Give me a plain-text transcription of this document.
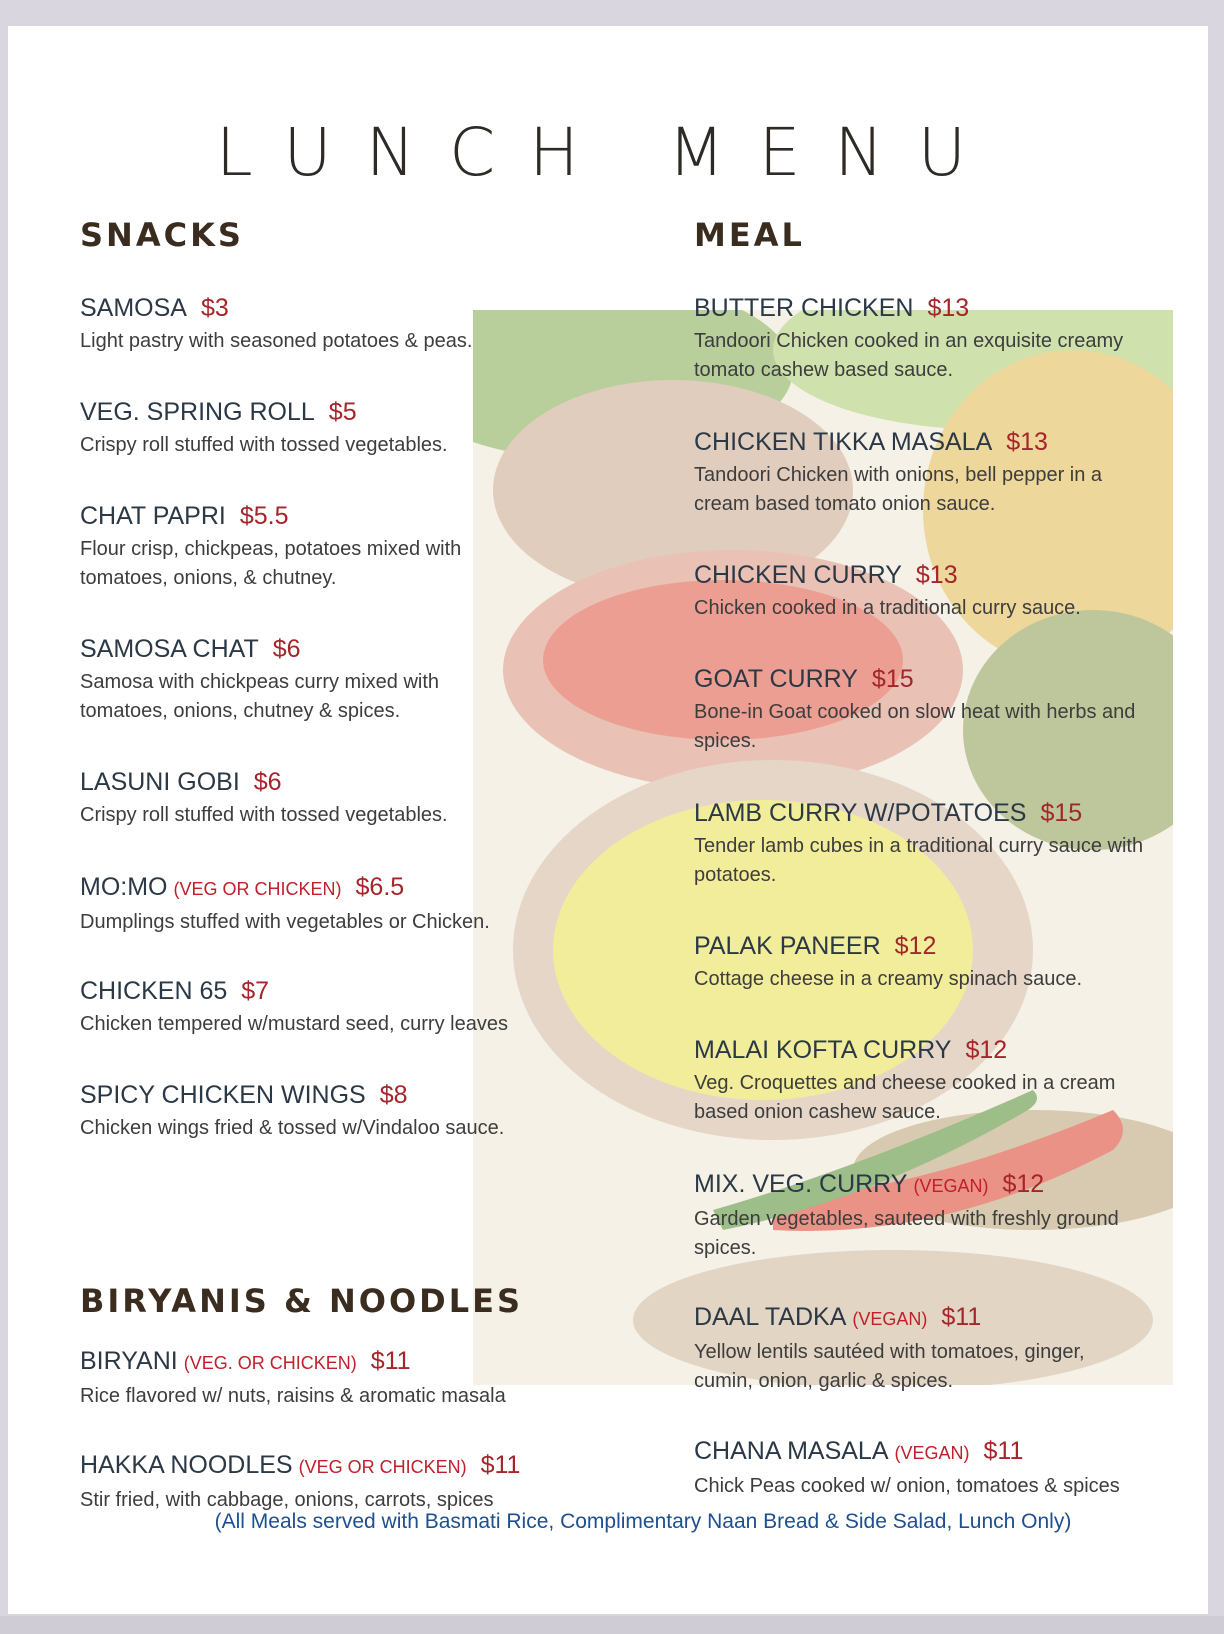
LUNCH MENU
SNACKS	MEAL
SAMOSA $3
Light pastry with seasoned potatoes & peas.
VEG. SPRING ROLL $5
Crispy roll stuffed with tossed vegetables.
CHAT PAPRI $5.5
Flour crisp, chickpeas, potatoes mixed with tomatoes, onions, & chutney.
SAMOSA CHAT $6
Samosa with chickpeas curry mixed with tomatoes, onions, chutney & spices.
LASUNI GOBI $6
Crispy roll stuffed with tossed vegetables.
MO:MO (VEG OR CHICKEN) $6.5
Dumplings stuffed with vegetables or Chicken.
CHICKEN 65 $7
Chicken tempered w/mustard seed, curry leaves
SPICY CHICKEN WINGS $8
Chicken wings fried & tossed w/Vindaloo sauce.
BIRYANIS & NOODLES
BIRYANI (VEG. OR CHICKEN) $11
Rice flavored w/ nuts, raisins & aromatic masala
HAKKA NOODLES (VEG OR CHICKEN) $11
Stir fried, with cabbage, onions, carrots, spices
BUTTER CHICKEN $13
Tandoori Chicken cooked in an exquisite creamy tomato cashew based sauce.
CHICKEN TIKKA MASALA $13
Tandoori Chicken with onions, bell pepper in a cream based tomato onion sauce.
CHICKEN CURRY $13
Chicken cooked in a traditional curry sauce.
GOAT CURRY $15
Bone-in Goat cooked on slow heat with herbs and spices.
LAMB CURRY W/POTATOES $15
Tender lamb cubes in a traditional curry sauce with potatoes.
PALAK PANEER $12
Cottage cheese in a creamy spinach sauce.
MALAI KOFTA CURRY $12
Veg. Croquettes and cheese cooked in a cream based onion cashew sauce.
MIX. VEG. CURRY (VEGAN) $12
Garden vegetables, sauteed with freshly ground spices.
DAAL TADKA (VEGAN) $11
Yellow lentils sautéed with tomatoes, ginger, cumin, onion, garlic & spices.
CHANA MASALA (VEGAN) $11
Chick Peas cooked w/ onion, tomatoes & spices
(All Meals served with Basmati Rice, Complimentary Naan Bread & Side Salad, Lunch Only)
